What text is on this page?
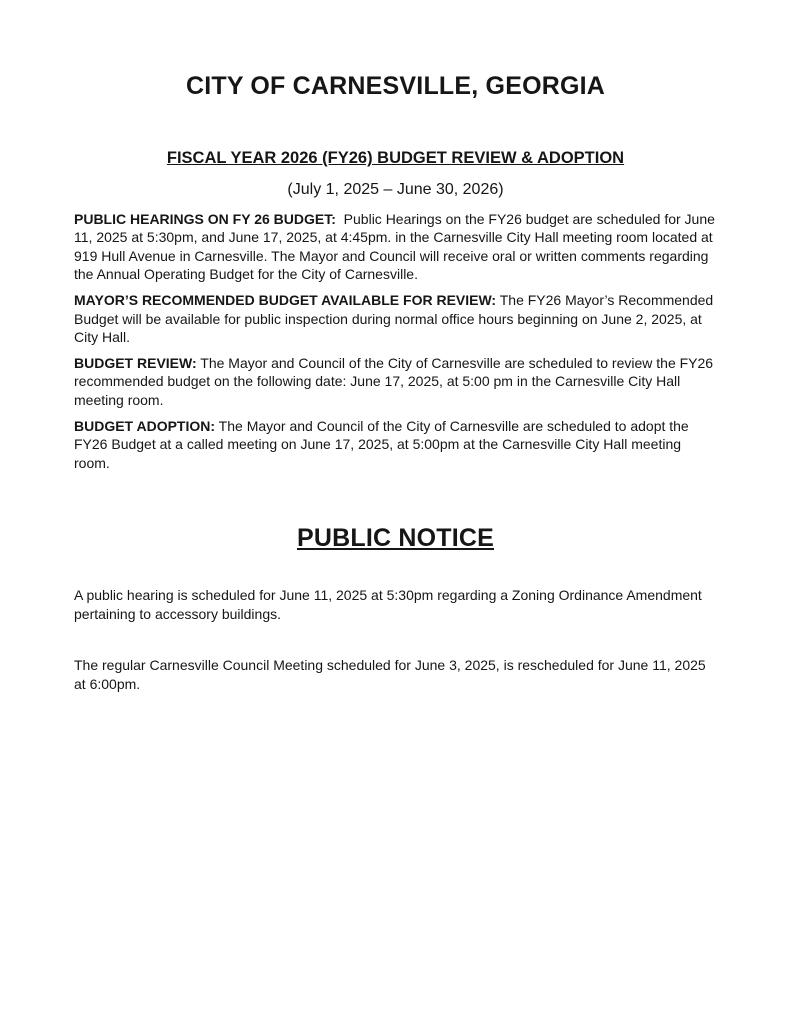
CITY OF CARNESVILLE, GEORGIA
FISCAL YEAR 2026 (FY26) BUDGET REVIEW & ADOPTION

(July 1, 2025 – June 30, 2026)

PUBLIC HEARINGS ON FY 26 BUDGET:  Public Hearings on the FY26 budget are scheduled for June 11, 2025 at 5:30pm, and June 17, 2025, at 4:45pm. in the Carnesville City Hall meeting room located at 919 Hull Avenue in Carnesville. The Mayor and Council will receive oral or written comments regarding the Annual Operating Budget for the City of Carnesville.

MAYOR’S RECOMMENDED BUDGET AVAILABLE FOR REVIEW: The FY26 Mayor’s Recommended Budget will be available for public inspection during normal office hours beginning on June 2, 2025, at City Hall.

BUDGET REVIEW: The Mayor and Council of the City of Carnesville are scheduled to review the FY26 recommended budget on the following date: June 17, 2025, at 5:00 pm in the Carnesville City Hall meeting room.

BUDGET ADOPTION: The Mayor and Council of the City of Carnesville are scheduled to adopt the FY26 Budget at a called meeting on June 17, 2025, at 5:00pm at the Carnesville City Hall meeting room.

PUBLIC NOTICE

A public hearing is scheduled for June 11, 2025 at 5:30pm regarding a Zoning Ordinance Amendment pertaining to accessory buildings.

The regular Carnesville Council Meeting scheduled for June 3, 2025, is rescheduled for June 11, 2025 at 6:00pm.
